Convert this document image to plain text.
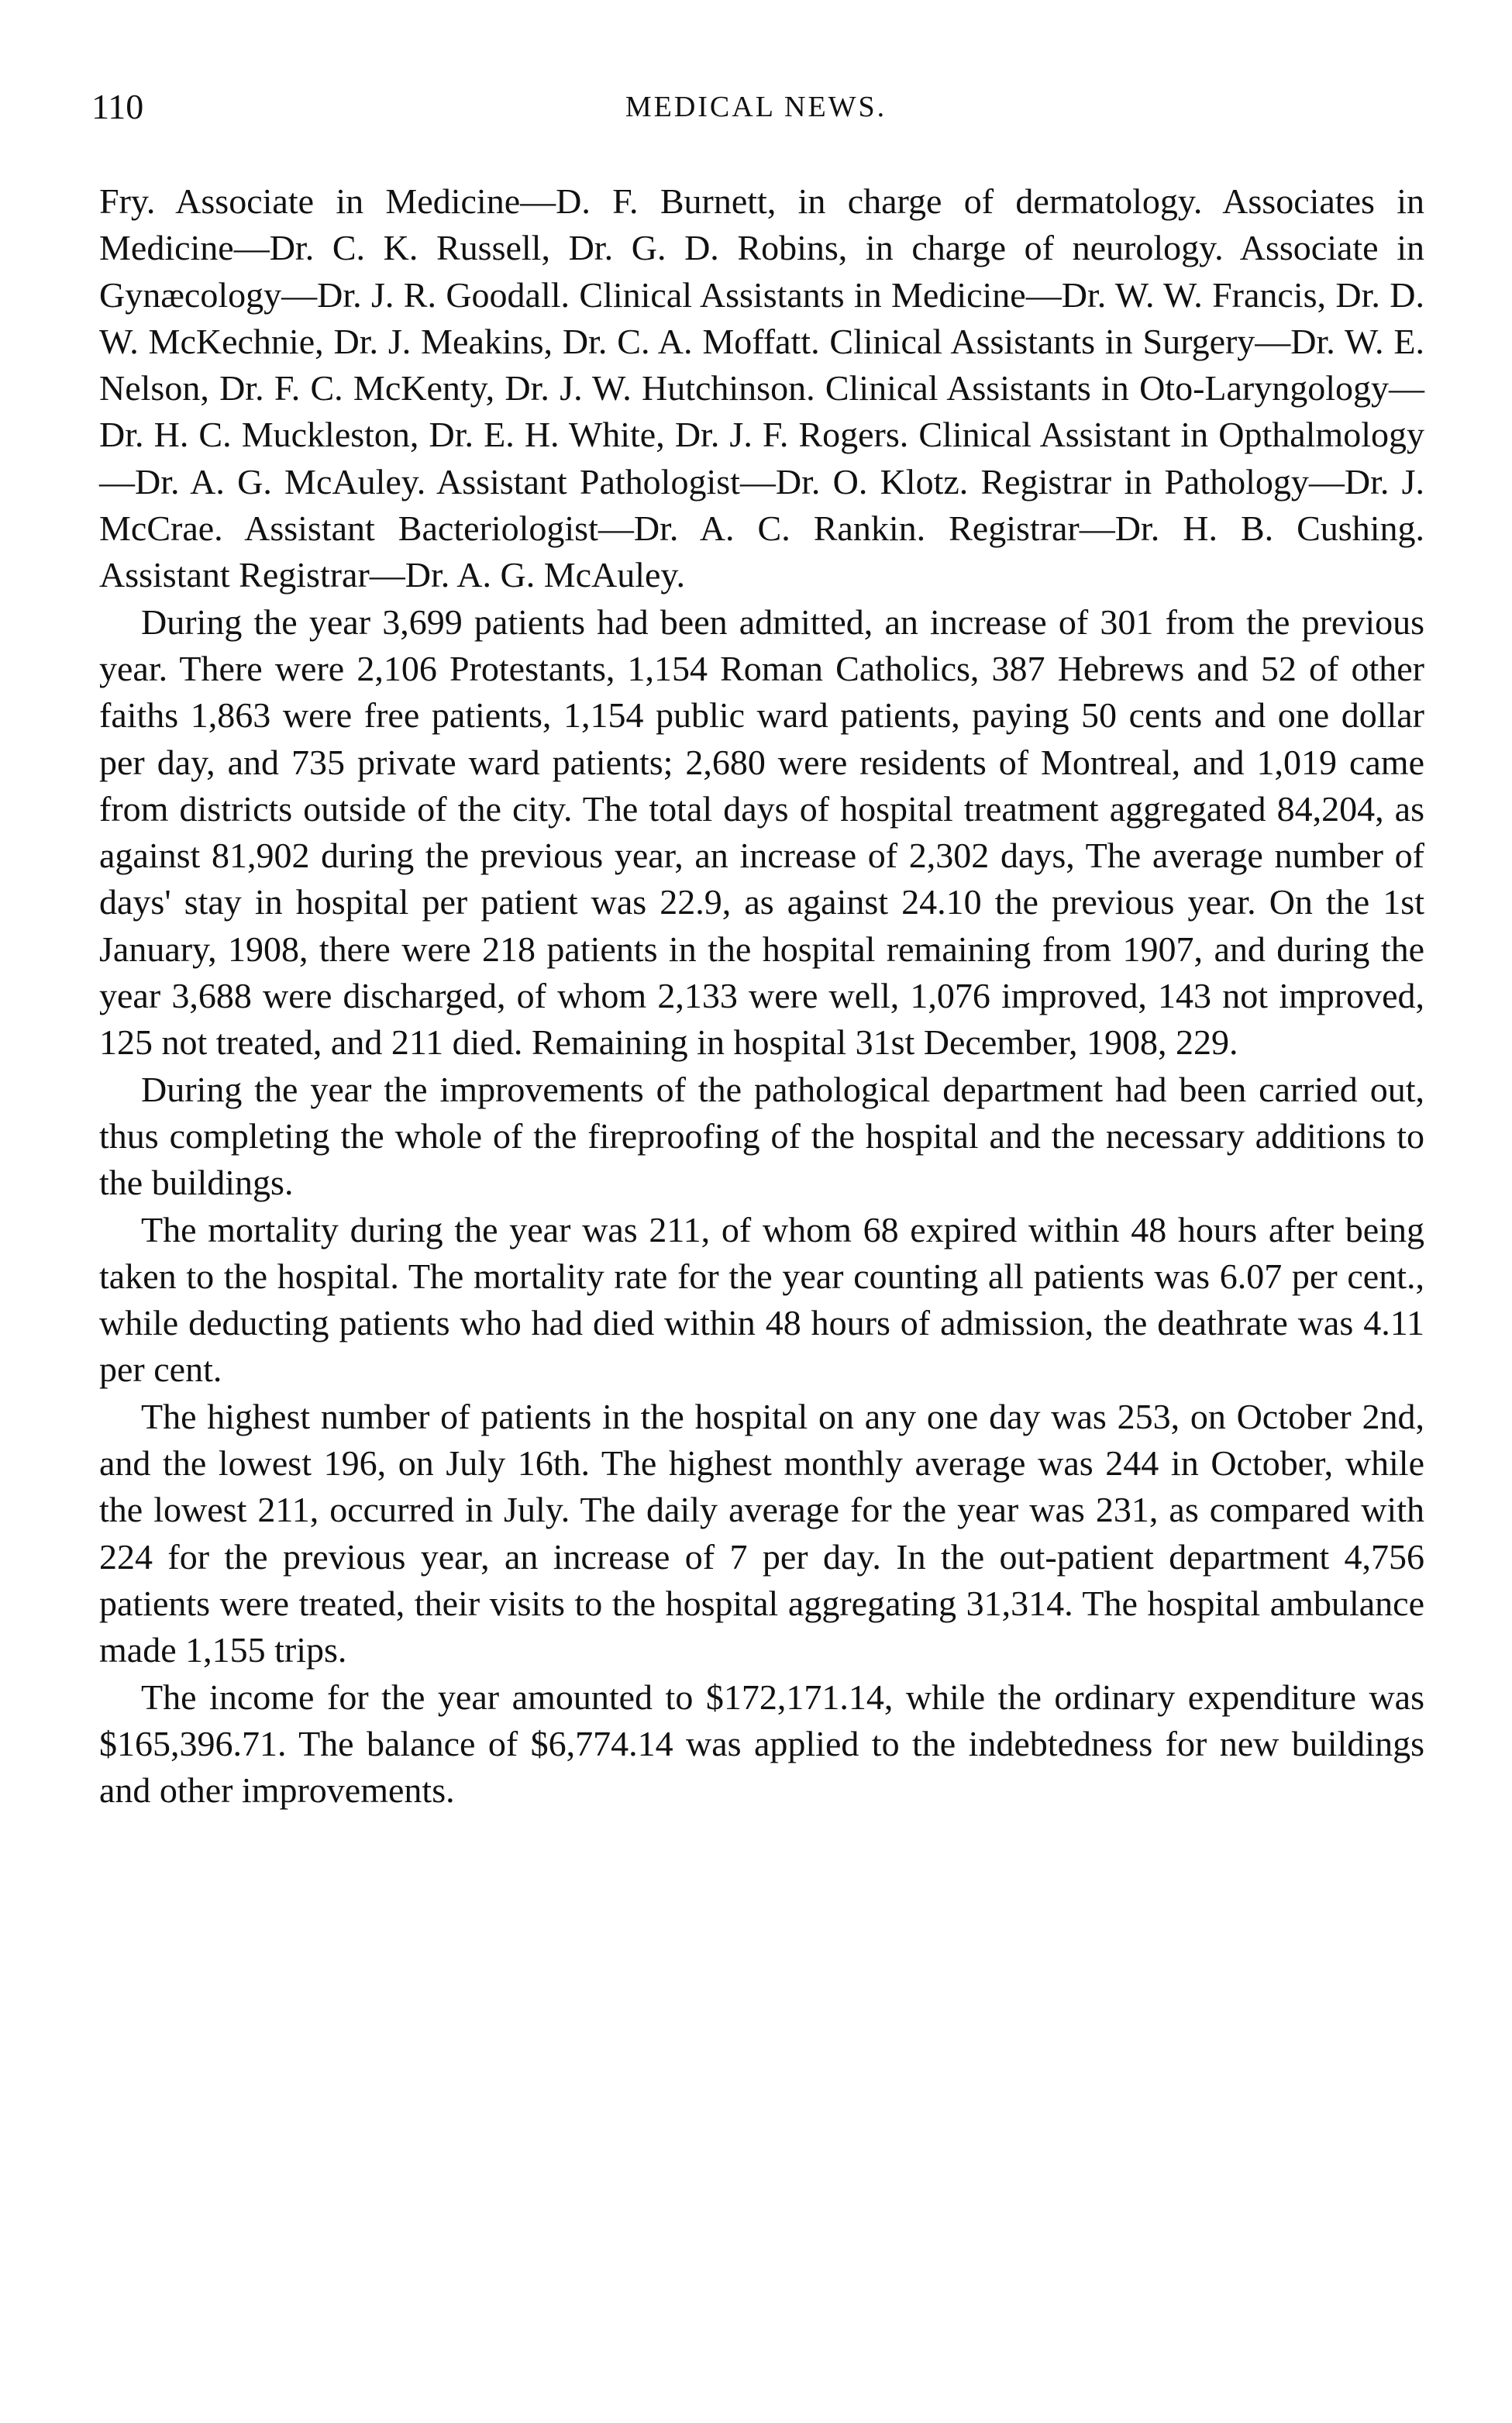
110	MEDICAL NEWS.

Fry. Associate in Medicine—D. F. Burnett, in charge of dermatology. Associates in Medicine—Dr. C. K. Russell, Dr. G. D. Robins, in charge of neurology. Associate in Gynæcology—Dr. J. R. Goodall. Clinical Assistants in Medicine—Dr. W. W. Francis, Dr. D. W. McKechnie, Dr. J. Meakins, Dr. C. A. Moffatt. Clinical Assistants in Surgery—Dr. W. E. Nelson, Dr. F. C. McKenty, Dr. J. W. Hutchinson. Clinical Assistants in Oto-Laryngology—Dr. H. C. Muckleston, Dr. E. H. White, Dr. J. F. Rogers. Clinical Assistant in Opthalmology—Dr. A. G. McAuley. Assistant Pathologist—Dr. O. Klotz. Registrar in Pathology—Dr. J. McCrae. Assistant Bacteriologist—Dr. A. C. Rankin. Registrar—Dr. H. B. Cushing. Assistant Registrar—Dr. A. G. McAuley.

During the year 3,699 patients had been admitted, an increase of 301 from the previous year. There were 2,106 Protestants, 1,154 Roman Catholics, 387 Hebrews and 52 of other faiths 1,863 were free patients, 1,154 public ward patients, paying 50 cents and one dollar per day, and 735 private ward patients; 2,680 were residents of Montreal, and 1,019 came from districts outside of the city. The total days of hospital treatment aggregated 84,204, as against 81,902 during the previous year, an increase of 2,302 days, The average number of days' stay in hospital per patient was 22.9, as against 24.10 the previous year. On the 1st January, 1908, there were 218 patients in the hospital remaining from 1907, and during the year 3,688 were discharged, of whom 2,133 were well, 1,076 improved, 143 not improved, 125 not treated, and 211 died. Remaining in hospital 31st December, 1908, 229.

During the year the improvements of the pathological department had been carried out, thus completing the whole of the fireproofing of the hospital and the necessary additions to the buildings.

The mortality during the year was 211, of whom 68 expired within 48 hours after being taken to the hospital. The mortality rate for the year counting all patients was 6.07 per cent., while deducting patients who had died within 48 hours of admission, the deathrate was 4.11 per cent.

The highest number of patients in the hospital on any one day was 253, on October 2nd, and the lowest 196, on July 16th. The highest monthly average was 244 in October, while the lowest 211, occurred in July. The daily average for the year was 231, as compared with 224 for the previous year, an increase of 7 per day. In the out-patient department 4,756 patients were treated, their visits to the hospital aggregating 31,314. The hospital ambulance made 1,155 trips.

The income for the year amounted to $172,171.14, while the ordinary expenditure was $165,396.71. The balance of $6,774.14 was applied to the indebtedness for new buildings and other improvements.
